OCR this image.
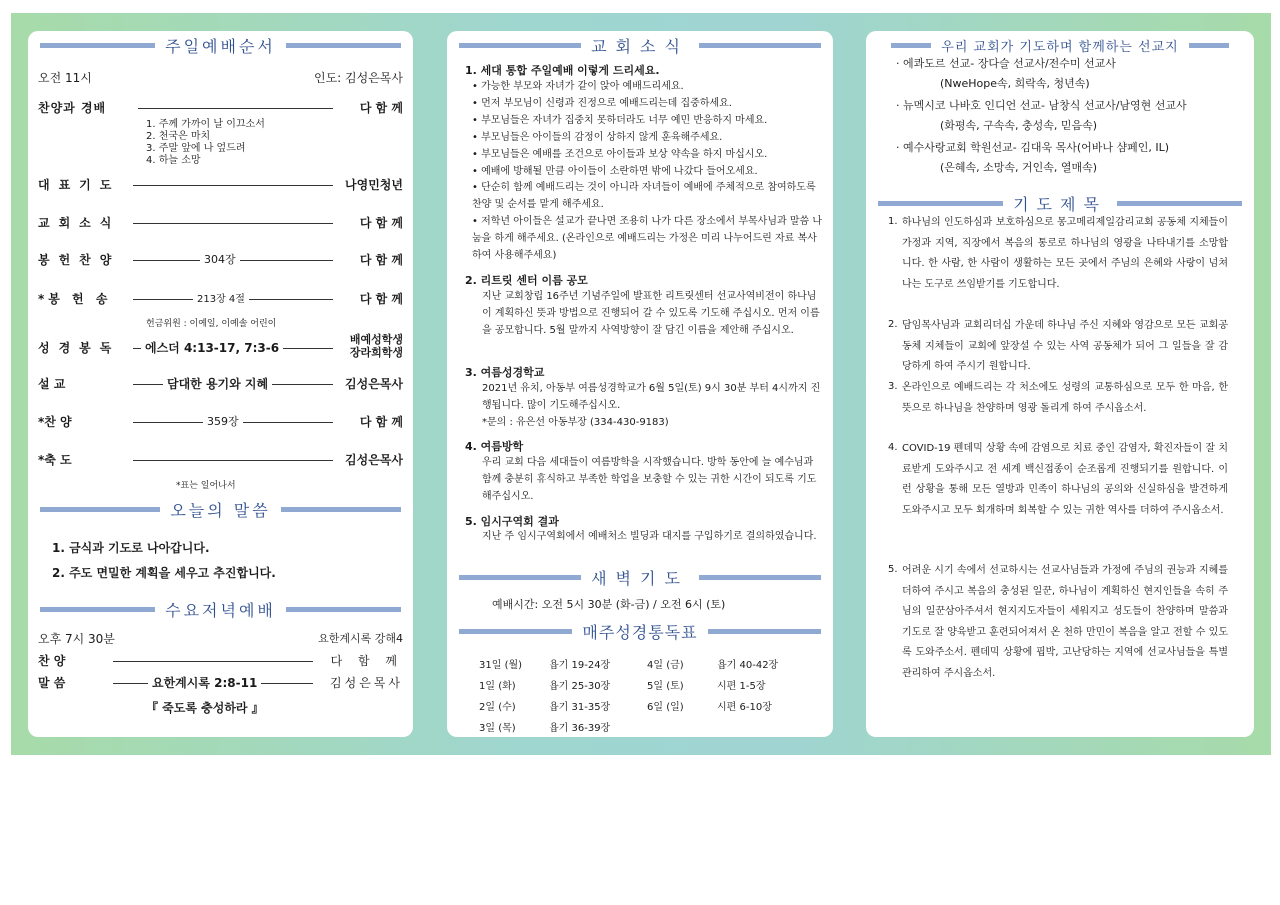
주일예배순서
오전 11시	인도: 김성은목사
찬양과 경배	다 함 께
1. 주께 가까이 날 이끄소서
2. 천국은 마치
3. 주말 앞에 나 엎드려
4. 하늘 소망
대표기도	나영민청년
교회소식	다 함 께
봉헌찬양	304장	다 함 께
*봉 헌 송	213장 4절	다 함 께
헌금위원 : 이예일, 이예솔 어린이
성경봉독	에스더 4:13-17, 7:3-6
배예성학생
장라희학생
설 교	담대한 용기와 지혜	김성은목사
*찬 양	359장	다 함 께
*축 도	김성은목사
*표는 일어나서
오늘의 말씀
1. 금식과 기도로 나아갑니다.
2. 주도 면밀한 계획을 세우고 추진합니다.
수요저녁예배
오후 7시 30분	요한계시록 강해4
찬 양	다 함 께
말 씀	요한계시록 2:8-11	김성은목사
『 죽도록 충성하라 』
교회소식
1. 세대 통합 주일예배 이렇게 드리세요.
• 가능한 부모와 자녀가 같이 앉아 예배드리세요.
• 먼저 부모님이 신령과 진정으로 예배드리는데 집중하세요.
• 부모님들은 자녀가 집중치 못하더라도 너무 예민 반응하지 마세요.
• 부모님들은 아이들의 감정이 상하지 않게 훈육해주세요.
• 부모님들은 예배를 조건으로 아이들과 보상 약속을 하지 마십시오.
• 예배에 방해될 만큼 아이들이 소란하면 밖에 나갔다 들어오세요.
• 단순히 함께 예배드리는 것이 아니라 자녀들이 예배에 주체적으로 참여하도록 찬양 및 순서를 맡게 해주세요.
• 저학년 아이들은 설교가 끝나면 조용히 나가 다른 장소에서 부목사님과 말씀 나눔을 하게 해주세요. (온라인으로 예배드리는 가정은 미리 나누어드린 자료 복사하여 사용해주세요)
2. 리트릿 센터 이름 공모
지난 교회창립 16주년 기념주일에 발표한 리트릿센터 선교사역비전이 하나님이 계획하신 뜻과 방법으로 진행되어 갈 수 있도록 기도해 주십시오. 먼저 이름을 공모합니다. 5월 말까지 사역방향이 잘 담긴 이름을 제안해 주십시오.
3. 여름성경학교
2021년 유치, 아동부 여름성경학교가 6월 5일(토) 9시 30분 부터 4시까지 진행됩니다. 많이 기도해주십시오.
*문의 : 유은선 아동부장 (334-430-9183)
4. 여름방학
우리 교회 다음 세대들이 여름방학을 시작했습니다. 방학 동안에 늘 예수님과 함께 충분히 휴식하고 부족한 학업을 보충할 수 있는 귀한 시간이 되도록 기도해주십시오.
5. 임시구역회 결과
지난 주 임시구역회에서 예배처소 빌딩과 대지를 구입하기로 결의하였습니다.
새벽기도
예배시간: 오전 5시 30분 (화-금) / 오전 6시 (토)
매주성경통독표
31일 (월)	욥기 19-24장
1일 (화)	욥기 25-30장
2일 (수)	욥기 31-35장
3일 (목)	욥기 36-39장
4일 (금)	욥기 40-42장
5일 (토)	시편 1-5장
6일 (일)	시편 6-10장
우리 교회가 기도하며 함께하는 선교지
· 에콰도르 선교- 장다슬 선교사/전수미 선교사
(NweHope속, 희락속, 청년속)
· 뉴멕시코 나바호 인디언 선교- 남창식 선교사/남영현 선교사
(화평속, 구속속, 충성속, 믿음속)
· 예수사랑교회 학원선교- 김대욱 목사(어바나 샴페인, IL)
(은혜속, 소망속, 거인속, 열매속)
기도제목
1. 하나님의 인도하심과 보호하심으로 몽고메리제일감리교회 공동체 지체들이 가정과 지역, 직장에서 복음의 통로로 하나님의 영광을 나타내기를 소망합니다. 한 사람, 한 사람이 생활하는 모든 곳에서 주님의 은혜와 사랑이 넘쳐나는 도구로 쓰임받기를 기도합니다.
2. 담임목사님과 교회리더십 가운데 하나님 주신 지혜와 영감으로 모든 교회공동체 지체들이 교회에 앞장설 수 있는 사역 공동체가 되어 그 일들을 잘 감당하게 하여 주시기 원합니다.
3. 온라인으로 예배드리는 각 처소에도 성령의 교통하심으로 모두 한 마음, 한 뜻으로 하나님을 찬양하며 영광 돌리게 하여 주시옵소서.
4. COVID-19 펜데믹 상황 속에 감염으로 치료 중인 감염자, 확진자들이 잘 치료받게 도와주시고 전 세계 백신접종이 순조롭게 진행되기를 원합니다. 이런 상황을 통해 모든 열방과 민족이 하나님의 공의와 신실하심을 발견하게 도와주시고 모두 회개하며 회복할 수 있는 귀한 역사를 더하여 주시옵소서.
5. 어려운 시기 속에서 선교하시는 선교사님들과 가정에 주님의 권능과 지혜를 더하여 주시고 복음의 충성된 일꾼, 하나님이 계획하신 현지인들을 속히 주님의 일꾼삼아주셔서 현지지도자들이 세워지고 성도들이 찬양하며 말씀과 기도로 잘 양육받고 훈련되어져서 온 천하 만민이 복음을 알고 전할 수 있도록 도와주소서. 펜데믹 상황에 핍박, 고난당하는 지역에 선교사님들을 특별 관리하여 주시옵소서.
